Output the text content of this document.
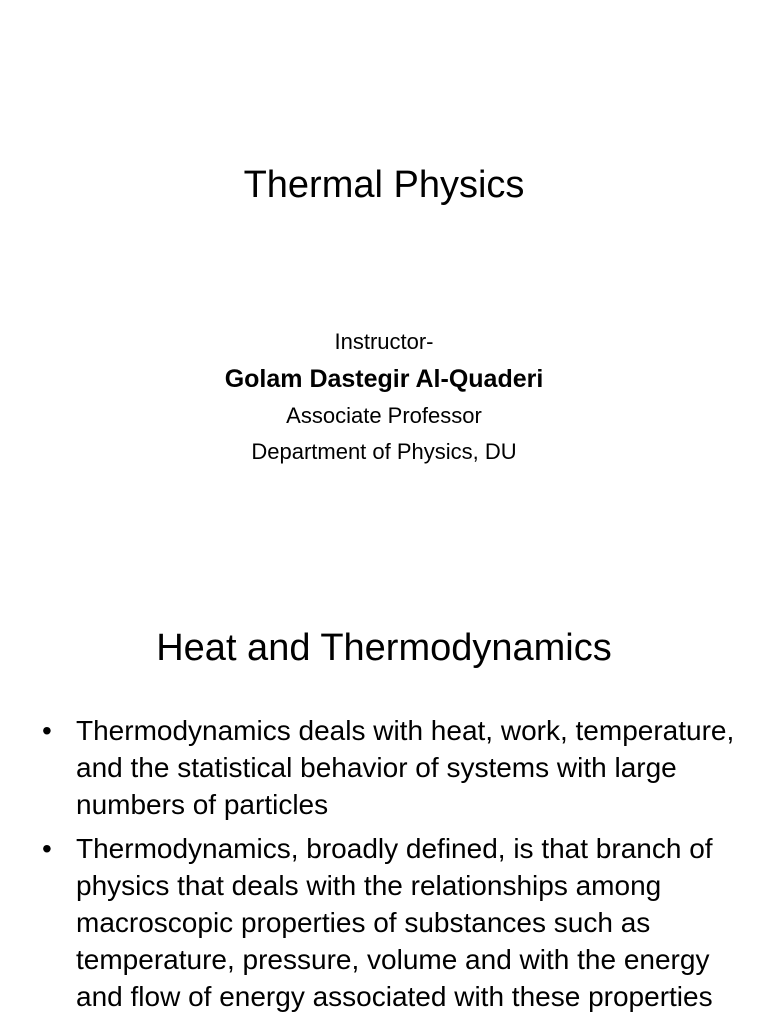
Thermal Physics
Instructor-
Golam Dastegir Al-Quaderi
Associate Professor
Department of Physics, DU
Heat and Thermodynamics
• Thermodynamics deals with heat, work, temperature, and the statistical behavior of systems with large numbers of particles
• Thermodynamics, broadly defined, is that branch of physics that deals with the relationships among macroscopic properties of substances such as temperature, pressure, volume and with the energy and flow of energy associated with these properties
